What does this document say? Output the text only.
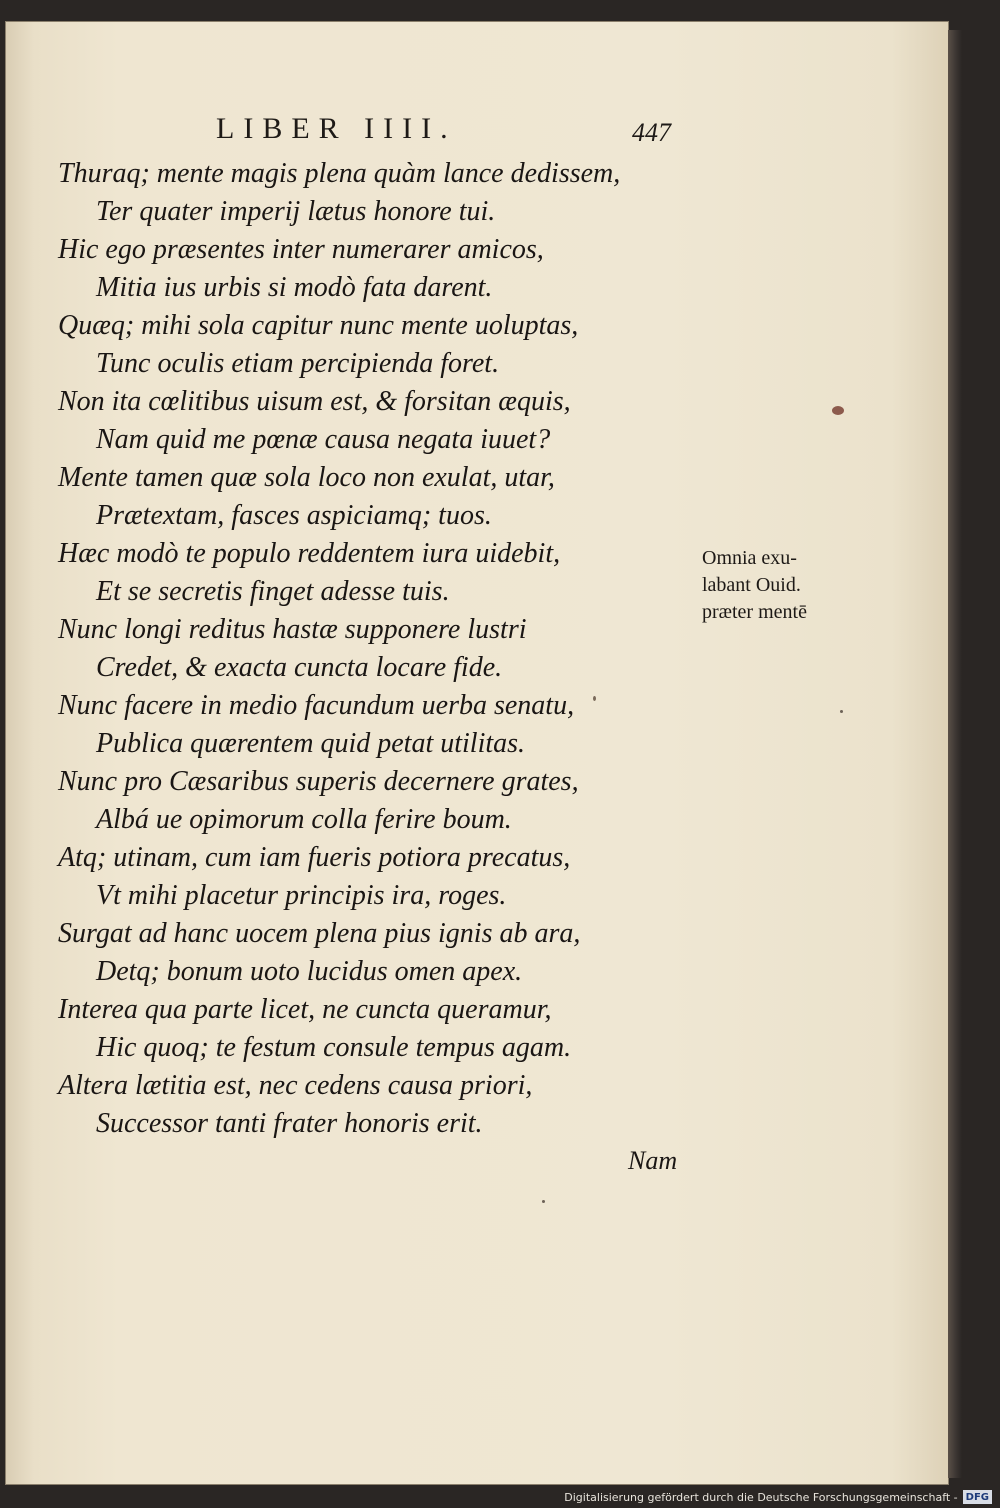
LIBER IIII.	447
Thuraq; mente magis plena quàm lance dedissem,
Ter quater imperij lætus honore tui.
Hic ego præsentes inter numerarer amicos,
Mitia ius urbis si modò fata darent.
Quæq; mihi sola capitur nunc mente uoluptas,
Tunc oculis etiam percipienda foret.
Non ita cœlitibus uisum est, & forsitan æquis,
Nam quid me pœnæ causa negata iuuet?
Mente tamen quæ sola loco non exulat, utar,
Prætextam, fasces aspiciamq; tuos.
Hæc modò te populo reddentem iura uidebit,
Et se secretis finget adesse tuis.
Nunc longi reditus hastæ supponere lustri
Credet, & exacta cuncta locare fide.
Nunc facere in medio facundum uerba senatu,
Publica quærentem quid petat utilitas.
Nunc pro Cæsaribus superis decernere grates,
Albá ue opimorum colla ferire boum.
Atq; utinam, cum iam fueris potiora precatus,
Vt mihi placetur principis ira, roges.
Surgat ad hanc uocem plena pius ignis ab ara,
Detq; bonum uoto lucidus omen apex.
Interea qua parte licet, ne cuncta queramur,
Hic quoq; te festum consule tempus agam.
Altera lætitia est, nec cedens causa priori,
Successor tanti frater honoris erit.
Omnia exu-
labant Ouid.
præter mentē
Nam
Digitalisierung gefördert durch die Deutsche Forschungsgemeinschaft - DFG
